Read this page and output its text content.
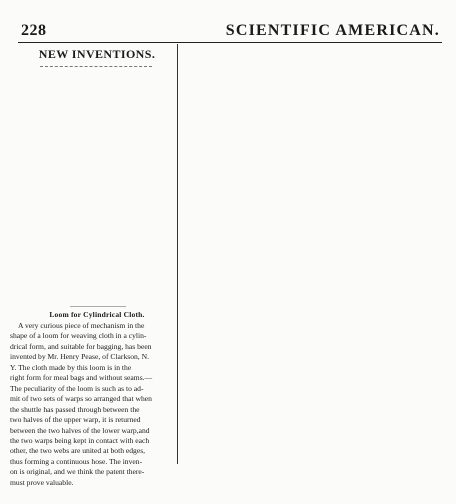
228	SCIENTIFIC AMERICAN.
NEW INVENTIONS.
Loom for Cylindrical Cloth.
A very curious piece of mechanism in the
shape of a loom for weaving cloth in a cylin-
drical form, and suitable for bagging, has been
invented by Mr. Henry Pease, of Clarkson, N.
Y. The cloth made by this loom is in the
right form for meal bags and without seams.—
The peculiarity of the loom is such as to ad-
mit of two sets of warps so arranged that when
the shuttle has passed through between the
two halves of the upper warp, it is returned
between the two halves of the lower warp,and
the two warps being kept in contact with each
other, the two webs are united at both edges,
thus forming a continuous hose. The inven-
on is original, and we think the patent there-
must prove valuable.
